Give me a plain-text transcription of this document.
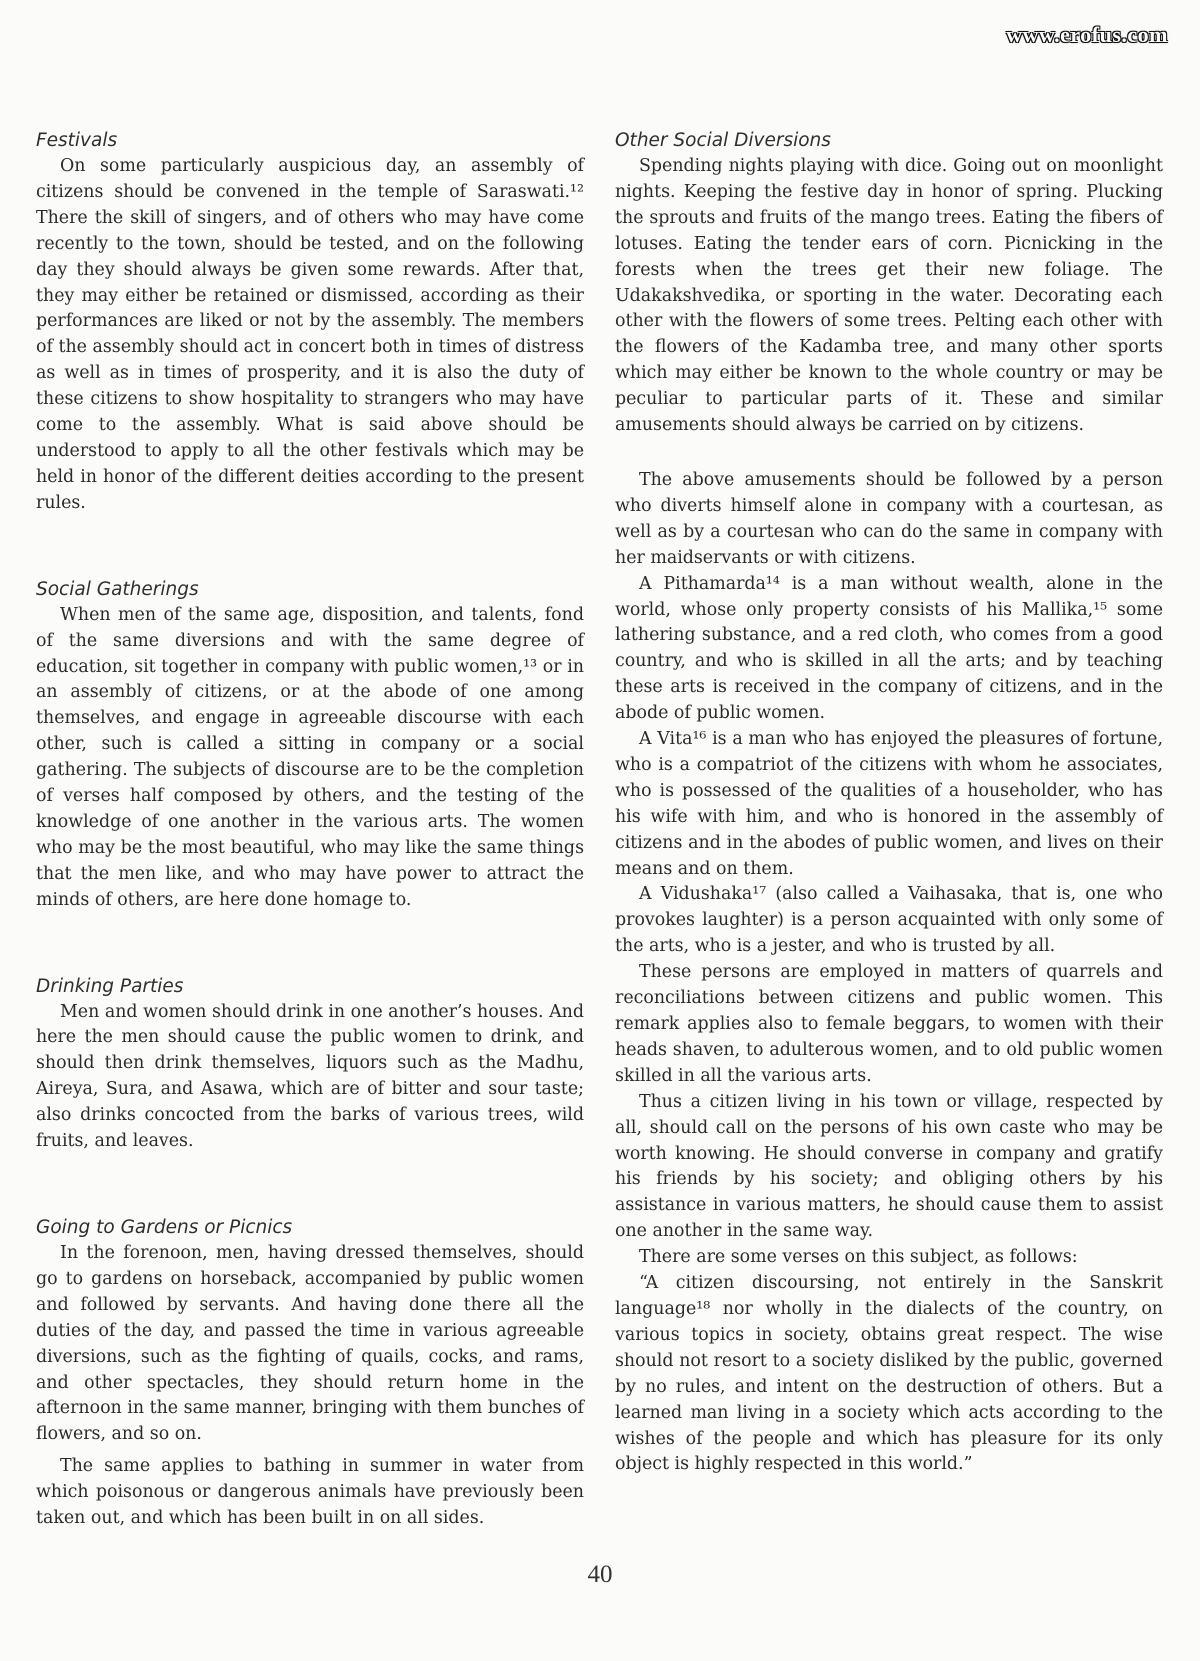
www.erofus.com
Festivals

On some particularly auspicious day, an assembly of citizens should be convened in the temple of Saraswati.¹² There the skill of singers, and of others who may have come recently to the town, should be tested, and on the following day they should always be given some rewards. After that, they may either be retained or dismissed, according as their performances are liked or not by the assembly. The members of the assembly should act in concert both in times of distress as well as in times of prosperity, and it is also the duty of these citizens to show hospitality to strangers who may have come to the assembly. What is said above should be understood to apply to all the other festivals which may be held in honor of the different deities according to the present rules.

Social Gatherings

When men of the same age, disposition, and talents, fond of the same diversions and with the same degree of education, sit together in company with public women,¹³ or in an assembly of citizens, or at the abode of one among themselves, and engage in agreeable discourse with each other, such is called a sitting in company or a social gathering. The subjects of discourse are to be the completion of verses half composed by others, and the testing of the knowledge of one another in the various arts. The women who may be the most beautiful, who may like the same things that the men like, and who may have power to attract the minds of others, are here done homage to.

Drinking Parties

Men and women should drink in one another’s houses. And here the men should cause the public women to drink, and should then drink themselves, liquors such as the Madhu, Aireya, Sura, and Asawa, which are of bitter and sour taste; also drinks concocted from the barks of various trees, wild fruits, and leaves.

Going to Gardens or Picnics

In the forenoon, men, having dressed themselves, should go to gardens on horseback, accompanied by public women and followed by servants. And having done there all the duties of the day, and passed the time in various agreeable diversions, such as the fighting of quails, cocks, and rams, and other spectacles, they should return home in the afternoon in the same manner, bringing with them bunches of flowers, and so on.

The same applies to bathing in summer in water from which poisonous or dangerous animals have previously been taken out, and which has been built in on all sides.

Other Social Diversions

Spending nights playing with dice. Going out on moonlight nights. Keeping the festive day in honor of spring. Plucking the sprouts and fruits of the mango trees. Eating the fibers of lotuses. Eating the tender ears of corn. Picnicking in the forests when the trees get their new foliage. The Udakakshvedika, or sporting in the water. Decorating each other with the flowers of some trees. Pelting each other with the flowers of the Kadamba tree, and many other sports which may either be known to the whole country or may be peculiar to particular parts of it. These and similar amusements should always be carried on by citizens.

The above amusements should be followed by a person who diverts himself alone in company with a courtesan, as well as by a courtesan who can do the same in company with her maidservants or with citizens.

A Pithamarda¹⁴ is a man without wealth, alone in the world, whose only property consists of his Mallika,¹⁵ some lathering substance, and a red cloth, who comes from a good country, and who is skilled in all the arts; and by teaching these arts is received in the company of citizens, and in the abode of public women.

A Vita¹⁶ is a man who has enjoyed the pleasures of fortune, who is a compatriot of the citizens with whom he associates, who is possessed of the qualities of a householder, who has his wife with him, and who is honored in the assembly of citizens and in the abodes of public women, and lives on their means and on them.

A Vidushaka¹⁷ (also called a Vaihasaka, that is, one who provokes laughter) is a person acquainted with only some of the arts, who is a jester, and who is trusted by all.

These persons are employed in matters of quarrels and reconciliations between citizens and public women. This remark applies also to female beggars, to women with their heads shaven, to adulterous women, and to old public women skilled in all the various arts.

Thus a citizen living in his town or village, respected by all, should call on the persons of his own caste who may be worth knowing. He should converse in company and gratify his friends by his society; and obliging others by his assistance in various matters, he should cause them to assist one another in the same way.

There are some verses on this subject, as follows:

“A citizen discoursing, not entirely in the Sanskrit language¹⁸ nor wholly in the dialects of the country, on various topics in society, obtains great respect. The wise should not resort to a society disliked by the public, governed by no rules, and intent on the destruction of others. But a learned man living in a society which acts according to the wishes of the people and which has pleasure for its only object is highly respected in this world.”

40
